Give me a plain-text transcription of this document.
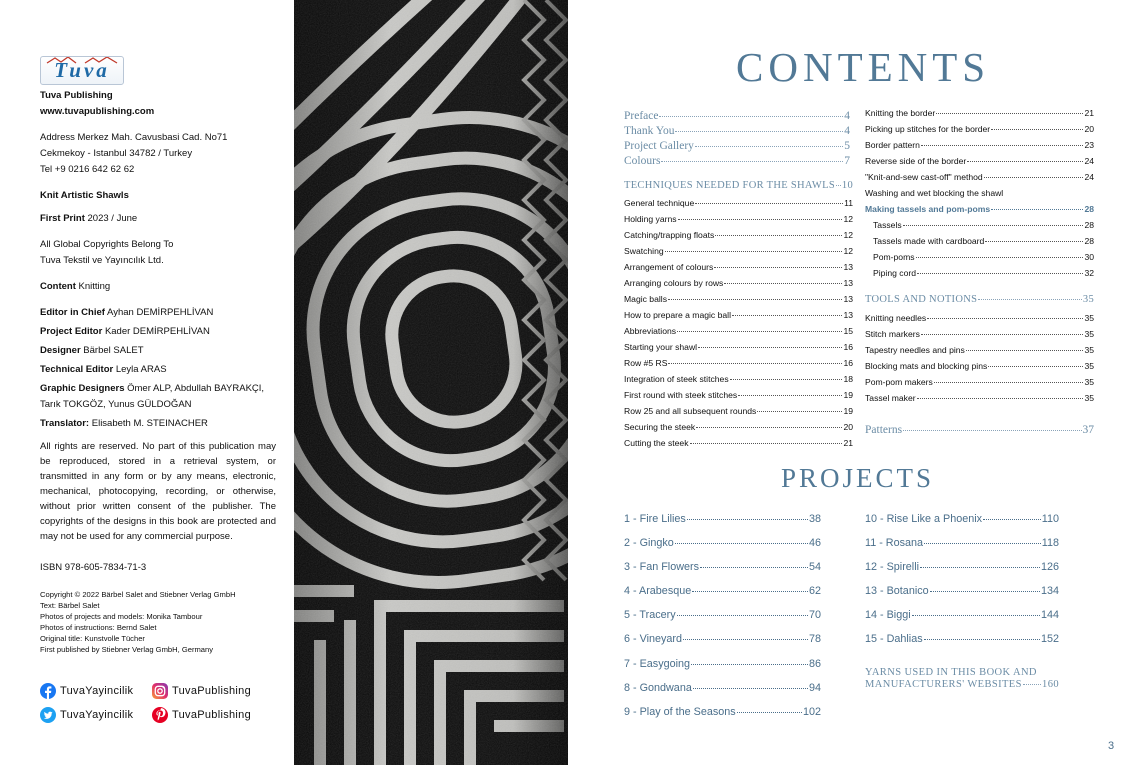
Tuva
Tuva Publishing
www.tuvapublishing.com
Address Merkez Mah. Cavusbasi Cad. No71
Cekmekoy - Istanbul 34782 / Turkey
Tel +9 0216 642 62 62
Knit Artistic Shawls
First Print 2023 / June
All Global Copyrights Belong To
Tuva Tekstil ve Yayıncılık Ltd.
Content Knitting
Editor in Chief Ayhan DEMİRPEHLİVAN
Project Editor Kader DEMİRPEHLİVAN
Designer Bärbel SALET
Technical Editor Leyla ARAS
Graphic Designers Ömer ALP, Abdullah BAYRAKÇI,
Tarık TOKGÖZ, Yunus GÜLDOĞAN
Translator: Elisabeth M. STEINACHER
All rights are reserved. No part of this publication may be reproduced, stored in a retrieval system, or transmitted in any form or by any means, electronic, mechanical, photocopying, recording, or otherwise, without prior written consent of the publisher. The copyrights of the designs in this book are protected and may not be used for any commercial purpose.
ISBN 978-605-7834-71-3
Copyright © 2022 Bärbel Salet and Stiebner Verlag GmbH
Text: Bärbel Salet
Photos of projects and models: Monika Tambour
Photos of instructions: Bernd Salet
Original title: Kunstvolle Tücher
First published by Stiebner Verlag GmbH, Germany
TuvaYayincilik	TuvaPublishing
TuvaYayincilik	TuvaPublishing
CONTENTS
Preface	4
Thank You	4
Project Gallery	5
Colours	7
TECHNIQUES NEEDED FOR THE SHAWLS 10
General technique	11
Holding yarns	12
Catching/trapping floats	12
Swatching	12
Arrangement of colours	13
Arranging colours by rows	13
Magic balls	13
How to prepare a magic ball	13
Abbreviations	15
Starting your shawl	16
Row #5 RS	16
Integration of steek stitches	18
First round with steek stitches	19
Row 25 and all subsequent rounds	19
Securing the steek	20
Cutting the steek	21
Knitting the border	21
Picking up stitches for the border	20
Border pattern	23
Reverse side of the border	24
"Knit-and-sew cast-off" method	24
Washing and wet blocking the shawl
Making tassels and pom-poms	28
Tassels	28
Tassels made with cardboard	28
Pom-poms	30
Piping cord	32
TOOLS AND NOTIONS	35
Knitting needles	35
Stitch markers	35
Tapestry needles and pins	35
Blocking mats and blocking pins	35
Pom-pom makers	35
Tassel maker	35
Patterns	37
PROJECTS
1 - Fire Lilies	38
2 - Gingko	46
3 - Fan Flowers	54
4 - Arabesque	62
5 - Tracery	70
6 - Vineyard	78
7 - Easygoing	86
8 - Gondwana	94
9 - Play of the Seasons	102
10 - Rise Like a Phoenix	110
11 - Rosana	118
12 - Spirelli	126
13 - Botanico	134
14 - Biggi	144
15 - Dahlias	152
YARNS USED IN THIS BOOK AND
MANUFACTURERS' WEBSITES 160
3
